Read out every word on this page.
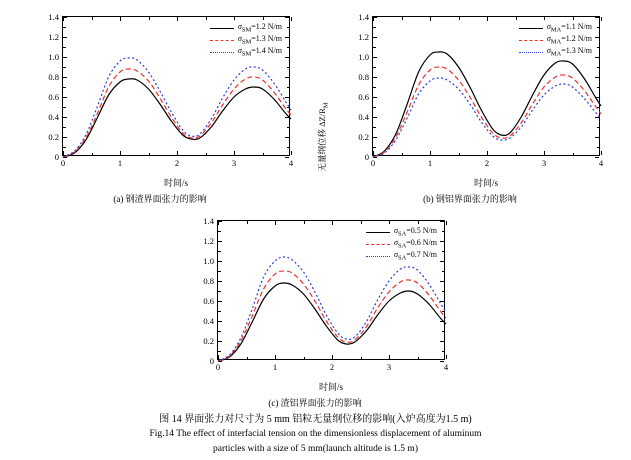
0
0.2
0.4
0.6
0.8
1.0
1.2
1.4
0	1	2	3	4
$\sigma_{SM}=1.2$ N/m
$\sigma_{SM}=1.3$ N/m
$\sigma_{SM}=1.4$ N/m
时间/s
(a) 钢渣界面张力的影响
0
0.2
0.4
0.6
0.8
1.0
1.2
1.4
0	1	2	3	4
$\sigma_{MA}=1.1$ N/m
$\sigma_{MA}=1.2$ N/m
$\sigma_{MA}=1.3$ N/m
时间/s
(b) 钢铝界面张力的影响
无量纲位移 $\Delta Z/R_M$
0
0.2
0.4
0.6
0.8
1.0
1.2
1.4
0	1	2	3	4
$\sigma_{SA}=0.5$ N/m
$\sigma_{SA}=0.6$ N/m
$\sigma_{SA}=0.7$ N/m
时间/s
(c) 渣铝界面张力的影响
图 14 界面张力对尺寸为 5 mm 铝粒无量纲位移的影响(入炉高度为1.5 m)
Fig.14 The effect of interfacial tension on the dimensionless displacement of aluminum
particles with a size of 5 mm(launch altitude is 1.5 m)
